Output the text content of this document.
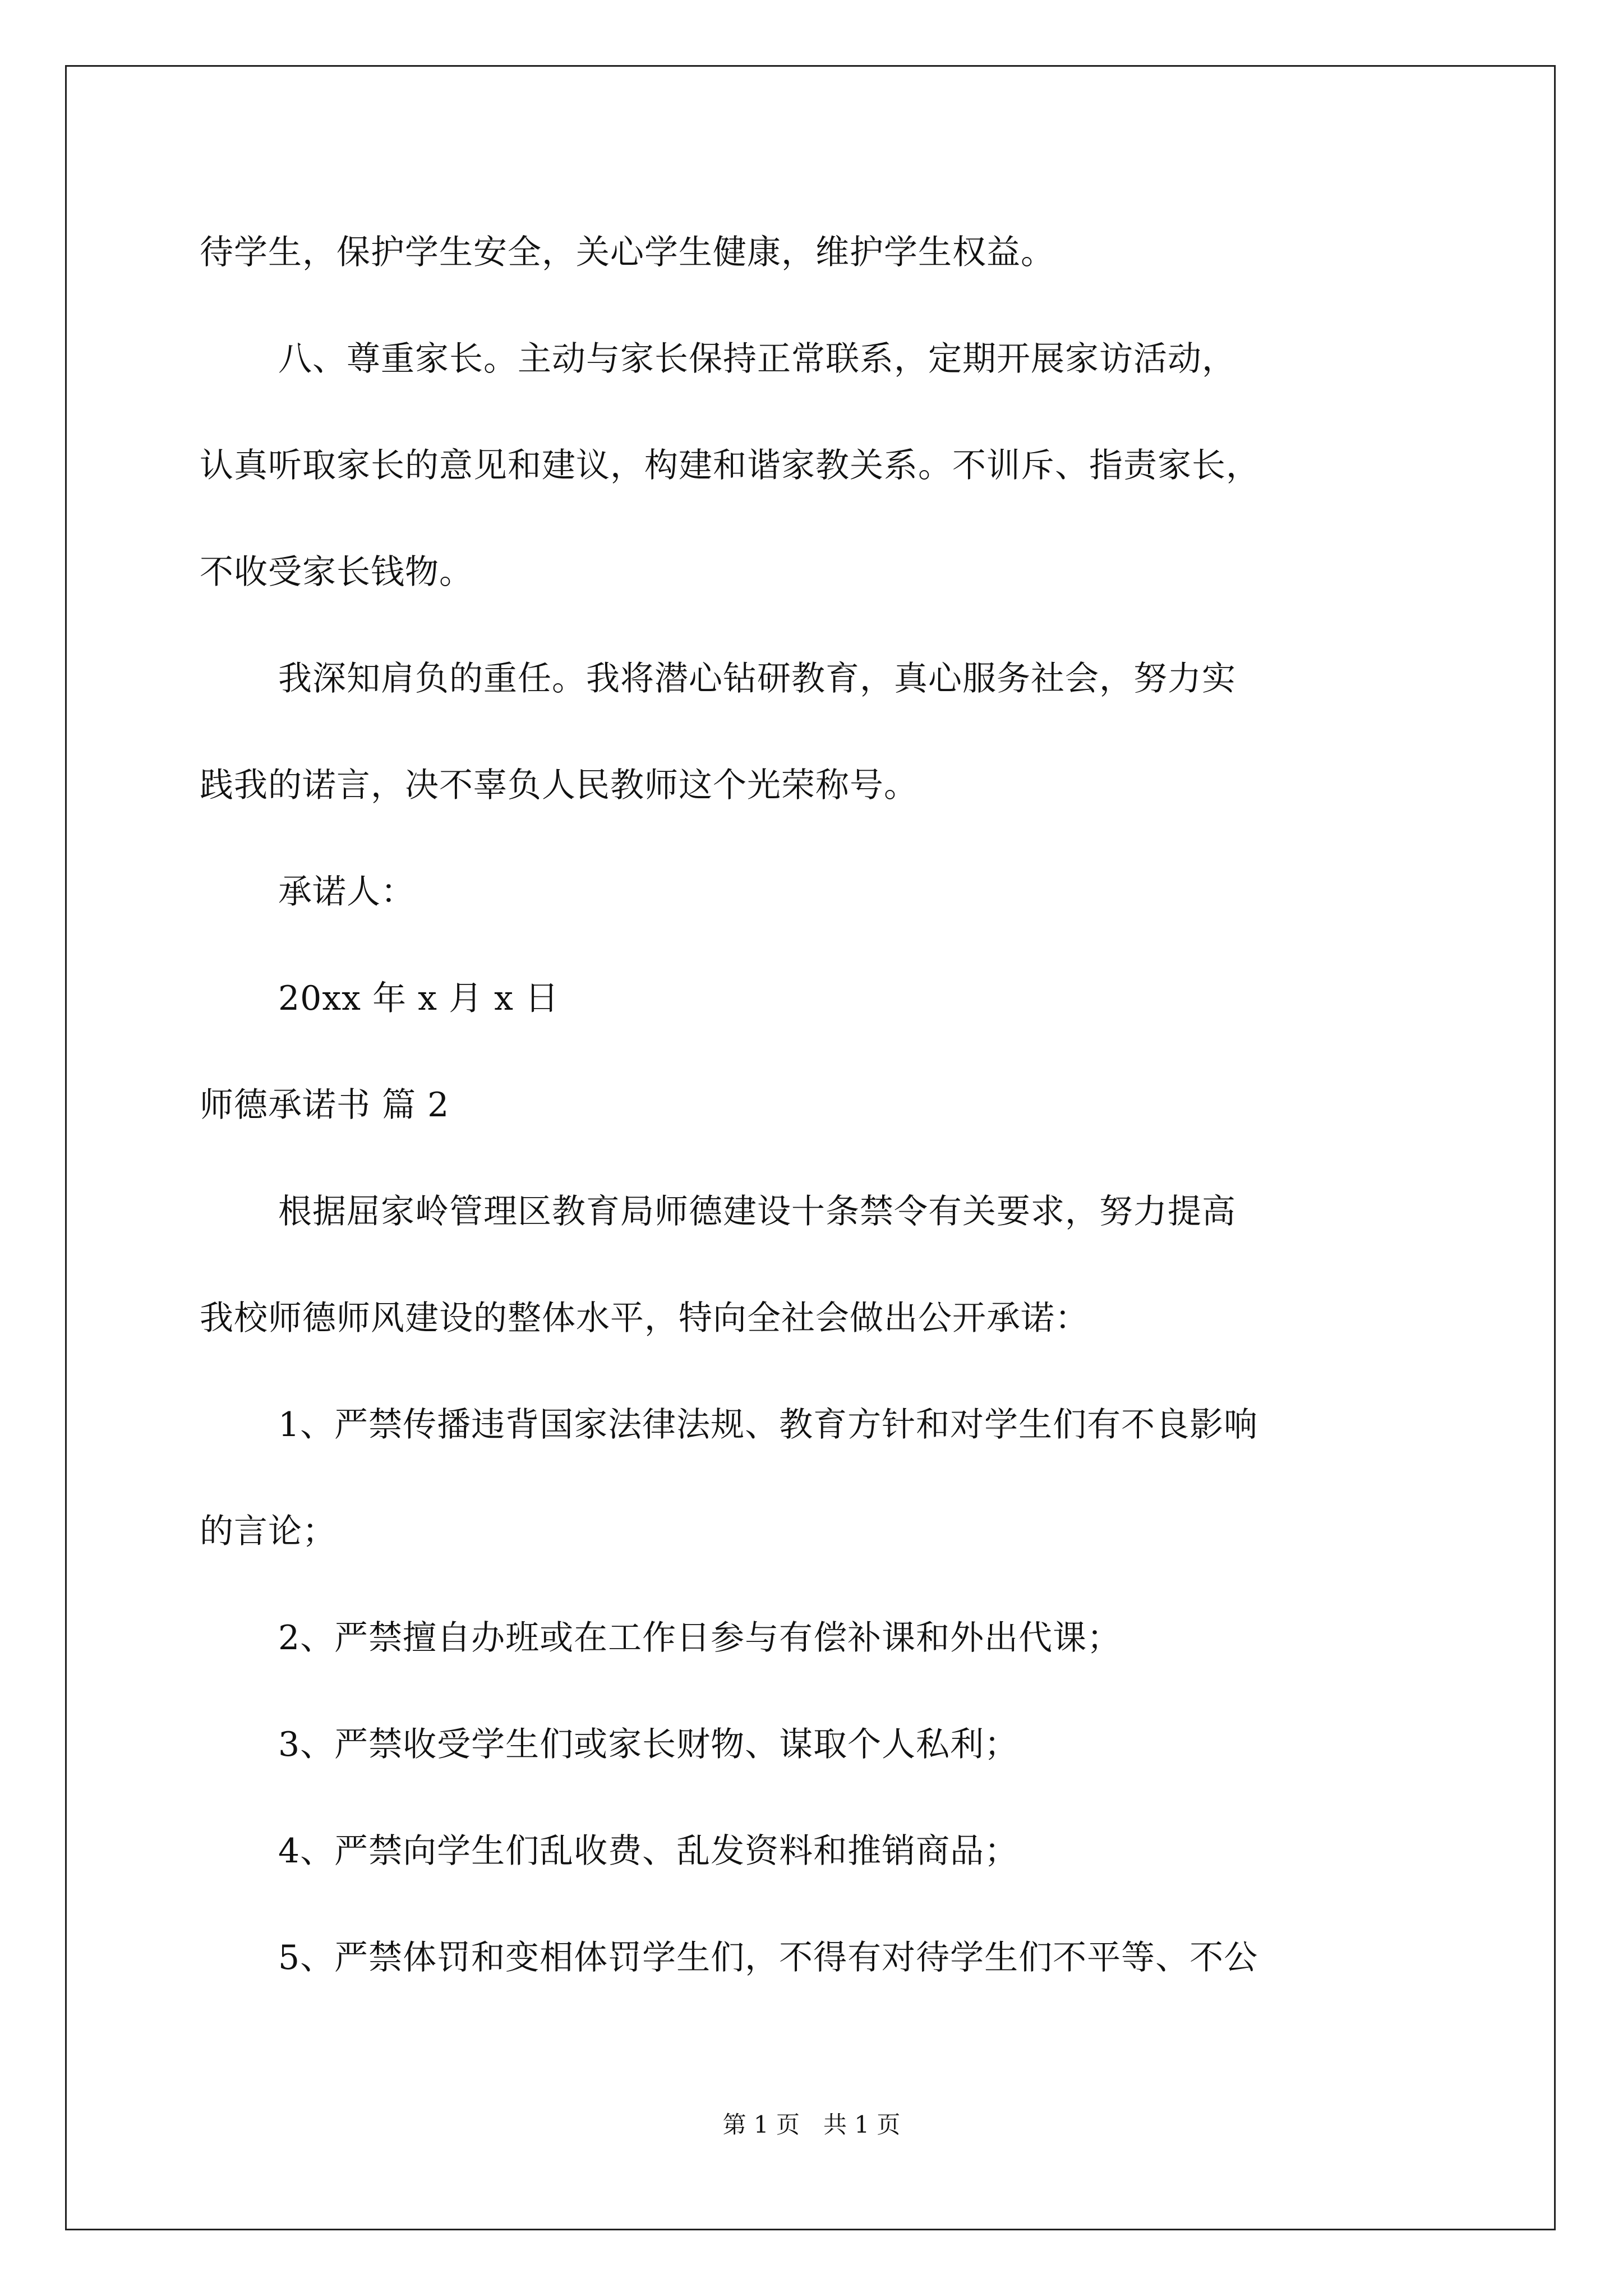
待学生，保护学生安全，关心学生健康，维护学生权益。
八、尊重家长。主动与家长保持正常联系，定期开展家访活动，
认真听取家长的意见和建议，构建和谐家教关系。不训斥、指责家长，
不收受家长钱物。
我深知肩负的重任。我将潜心钻研教育，真心服务社会，努力实
践我的诺言，决不辜负人民教师这个光荣称号。
承诺人：
20xx 年 x 月 x 日
师德承诺书 篇 2
根据屈家岭管理区教育局师德建设十条禁令有关要求，努力提高
我校师德师风建设的整体水平，特向全社会做出公开承诺：
1、严禁传播违背国家法律法规、教育方针和对学生们有不良影响
的言论；
2、严禁擅自办班或在工作日参与有偿补课和外出代课；
3、严禁收受学生们或家长财物、谋取个人私利；
4、严禁向学生们乱收费、乱发资料和推销商品；
5、严禁体罚和变相体罚学生们，不得有对待学生们不平等、不公
第 1 页　共 1 页
